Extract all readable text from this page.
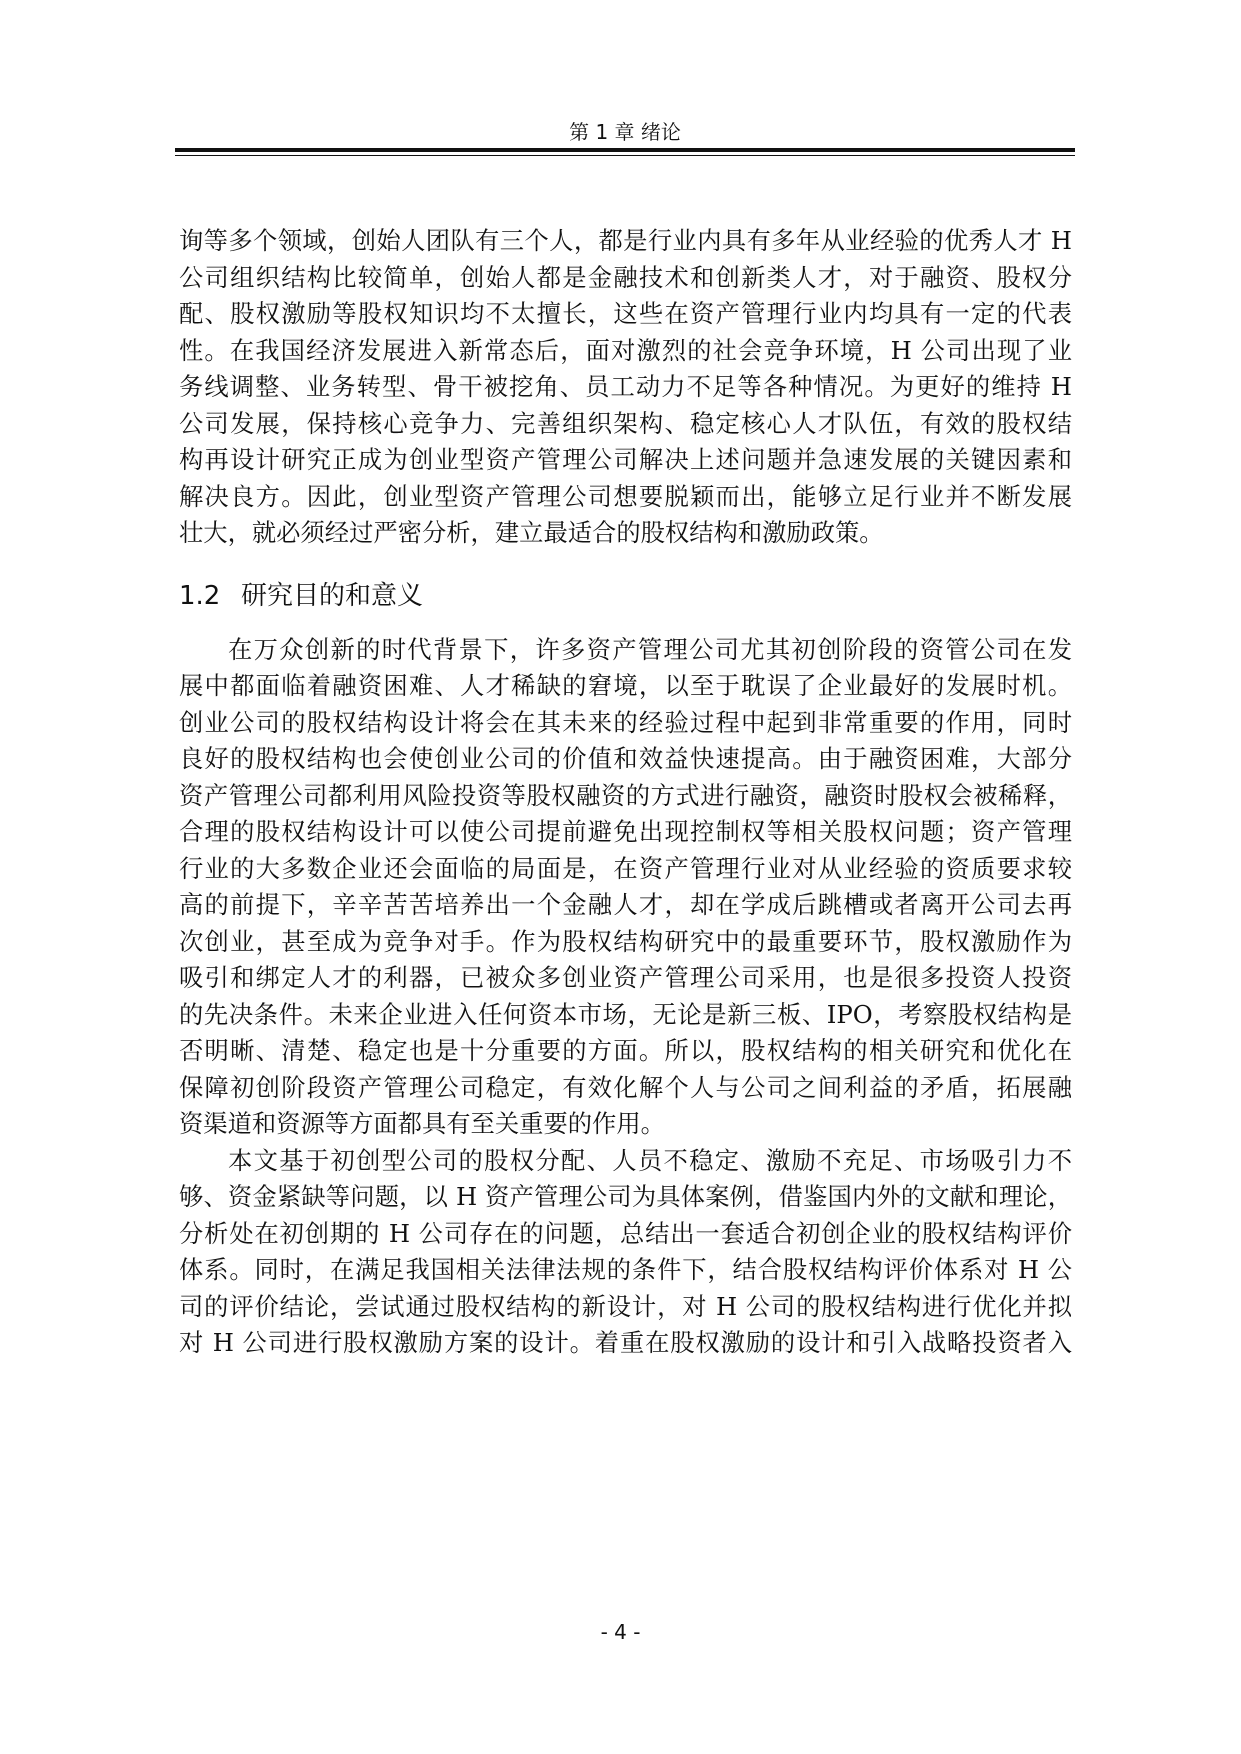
第 1 章 绪论
询等多个领域，创始人团队有三个人，都是行业内具有多年从业经验的优秀人才 H
公司组织结构比较简单，创始人都是金融技术和创新类人才，对于融资、股权分
配、股权激励等股权知识均不太擅长，这些在资产管理行业内均具有一定的代表
性。在我国经济发展进入新常态后，面对激烈的社会竞争环境，H 公司出现了业
务线调整、业务转型、骨干被挖角、员工动力不足等各种情况。为更好的维持 H
公司发展，保持核心竞争力、完善组织架构、稳定核心人才队伍，有效的股权结
构再设计研究正成为创业型资产管理公司解决上述问题并急速发展的关键因素和
解决良方。因此，创业型资产管理公司想要脱颖而出，能够立足行业并不断发展
壮大，就必须经过严密分析，建立最适合的股权结构和激励政策。
1.2 研究目的和意义
在万众创新的时代背景下，许多资产管理公司尤其初创阶段的资管公司在发
展中都面临着融资困难、人才稀缺的窘境，以至于耽误了企业最好的发展时机。
创业公司的股权结构设计将会在其未来的经验过程中起到非常重要的作用，同时
良好的股权结构也会使创业公司的价值和效益快速提高。由于融资困难，大部分
资产管理公司都利用风险投资等股权融资的方式进行融资，融资时股权会被稀释，
合理的股权结构设计可以使公司提前避免出现控制权等相关股权问题；资产管理
行业的大多数企业还会面临的局面是，在资产管理行业对从业经验的资质要求较
高的前提下，辛辛苦苦培养出一个金融人才，却在学成后跳槽或者离开公司去再
次创业，甚至成为竞争对手。作为股权结构研究中的最重要环节，股权激励作为
吸引和绑定人才的利器，已被众多创业资产管理公司采用，也是很多投资人投资
的先决条件。未来企业进入任何资本市场，无论是新三板、IPO，考察股权结构是
否明晰、清楚、稳定也是十分重要的方面。所以，股权结构的相关研究和优化在
保障初创阶段资产管理公司稳定，有效化解个人与公司之间利益的矛盾，拓展融
资渠道和资源等方面都具有至关重要的作用。
本文基于初创型公司的股权分配、人员不稳定、激励不充足、市场吸引力不
够、资金紧缺等问题，以 H 资产管理公司为具体案例，借鉴国内外的文献和理论，
分析处在初创期的 H 公司存在的问题，总结出一套适合初创企业的股权结构评价
体系。同时，在满足我国相关法律法规的条件下，结合股权结构评价体系对 H 公
司的评价结论，尝试通过股权结构的新设计，对 H 公司的股权结构进行优化并拟
对 H 公司进行股权激励方案的设计。着重在股权激励的设计和引入战略投资者入
- 4 -
